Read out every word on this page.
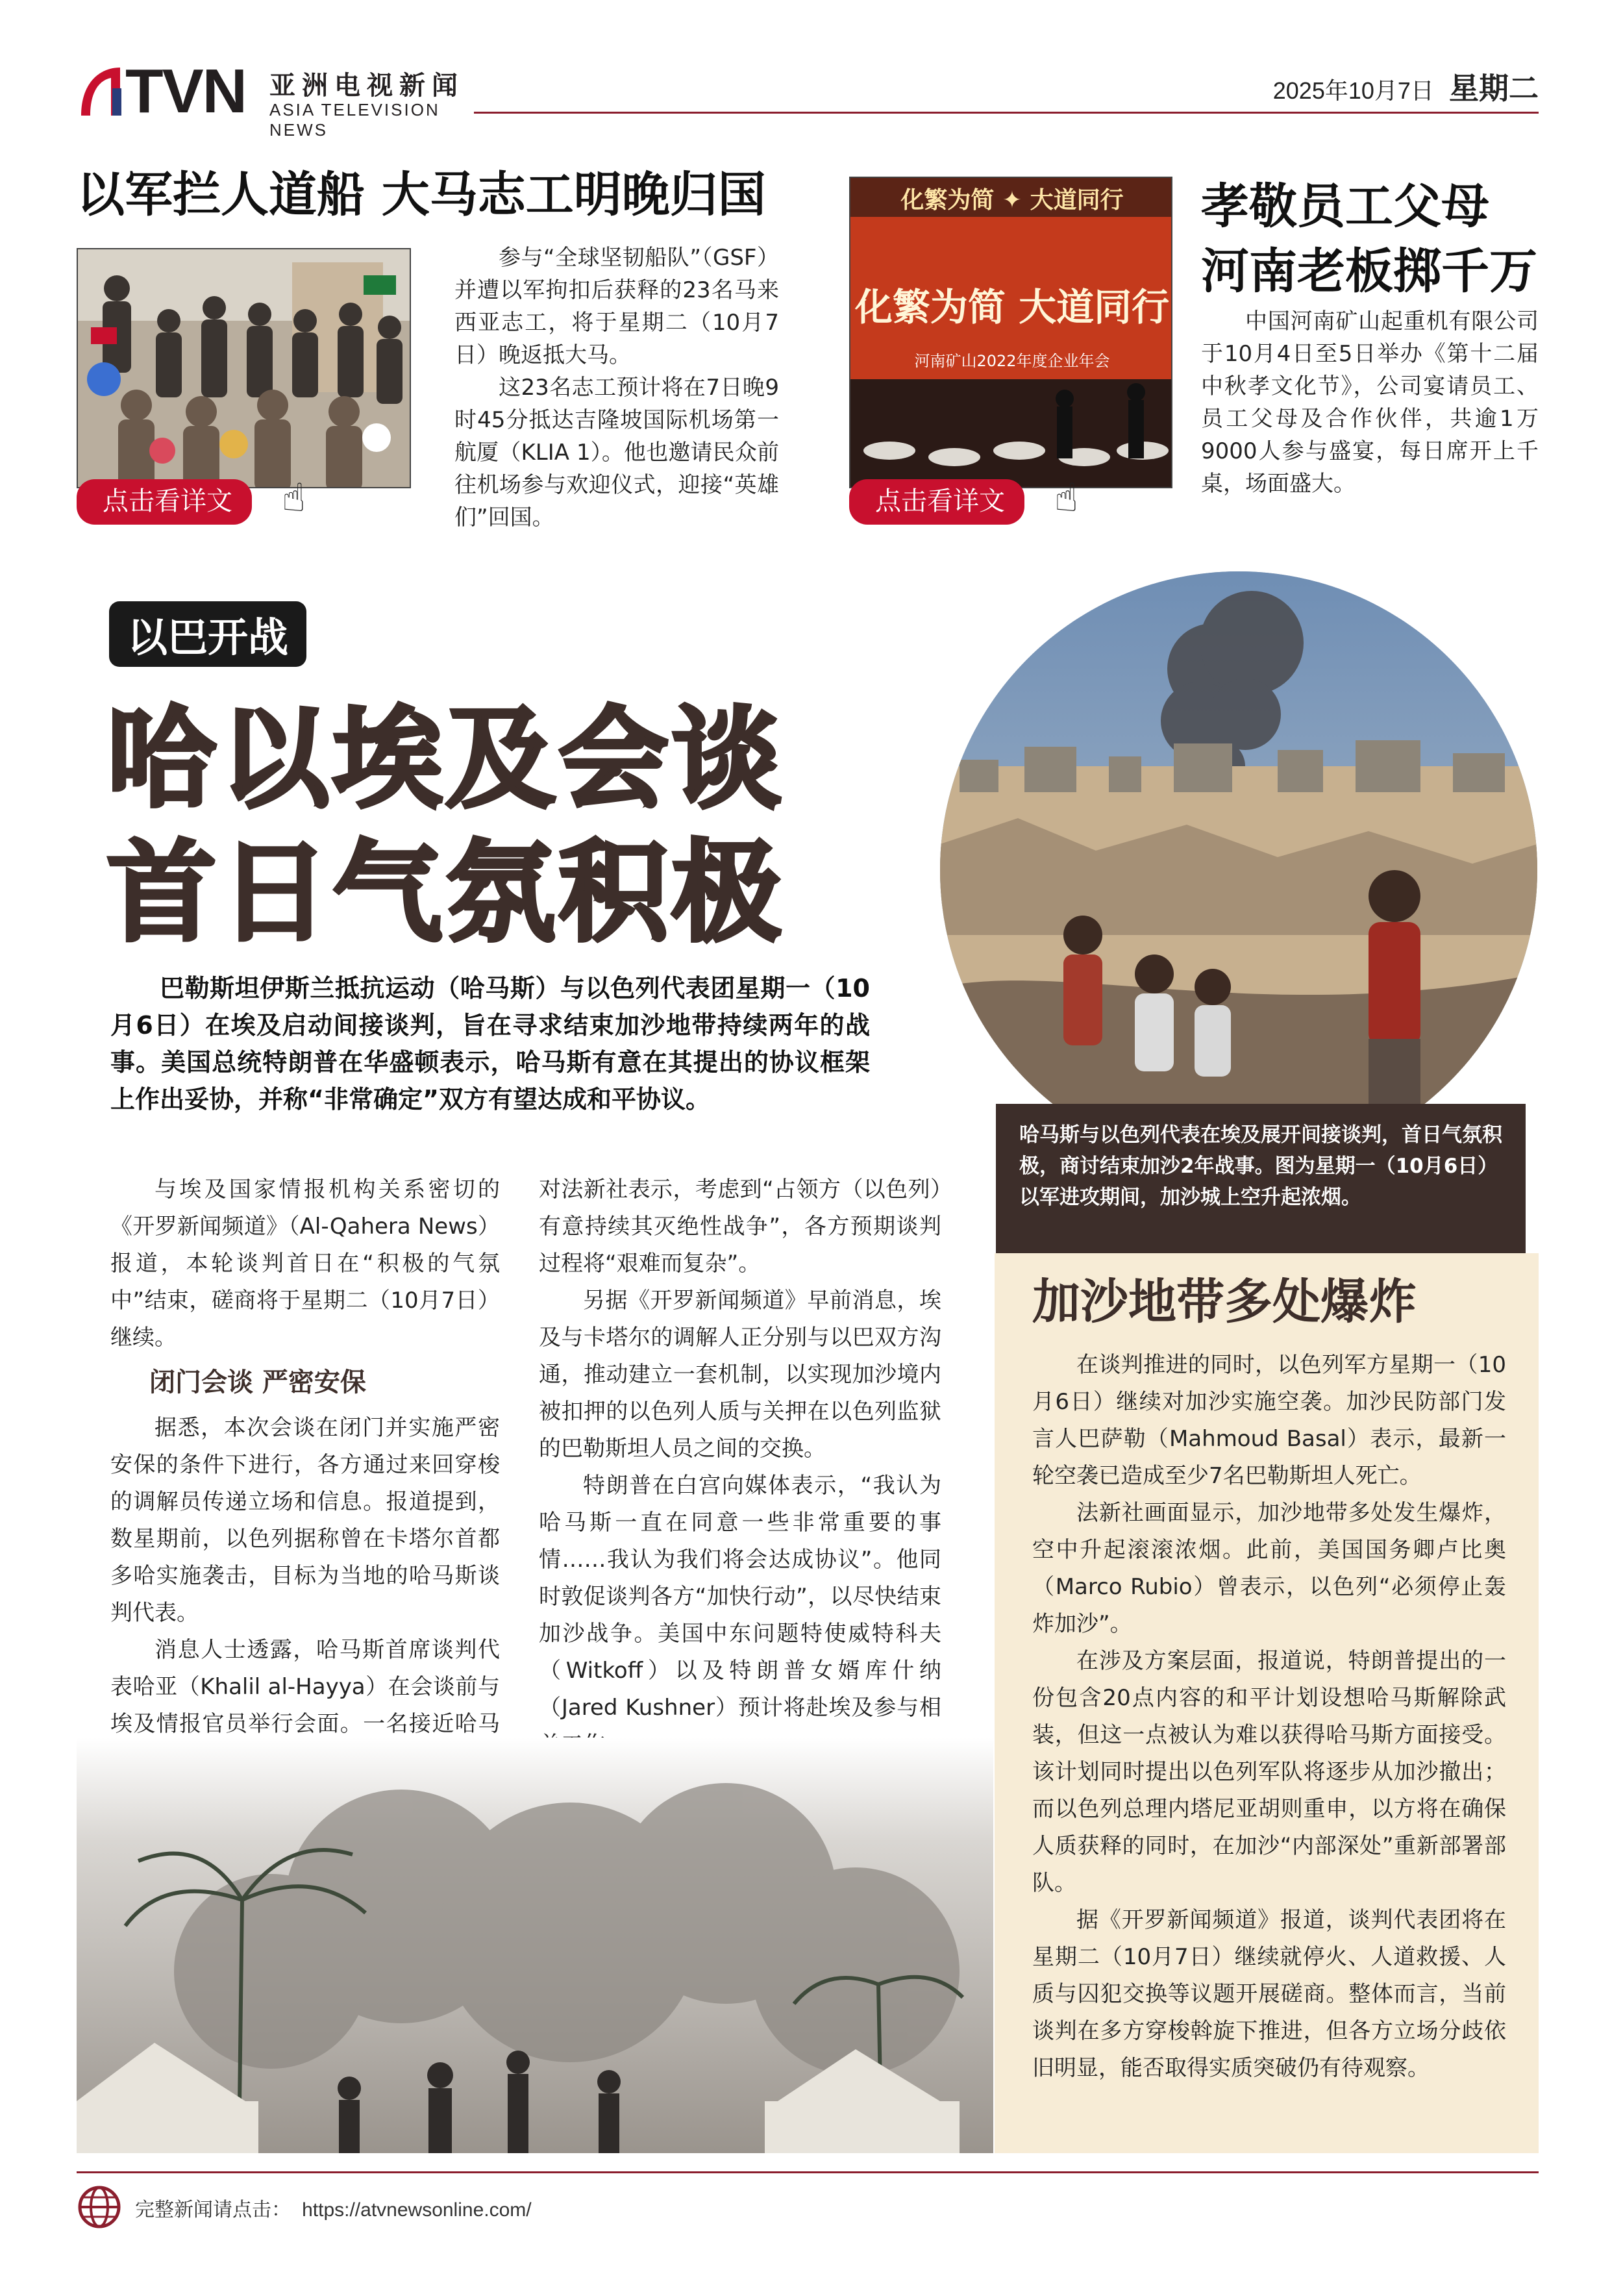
TVN 亚洲电视新闻
ASIA TELEVISION NEWS
2025年10月7日 星期二
以军拦人道船 大马志工明晚归国
点击看详文	☝
参与“全球坚韧船队”（GSF）并遭以军拘扣后获释的23名马来西亚志工，将于星期二（10月7日）晚返抵大马。
这23名志工预计将在7日晚9时45分抵达吉隆坡国际机场第一航厦（KLIA 1）。他也邀请民众前往机场参与欢迎仪式，迎接“英雄们”回国。
化繁为简 ✦ 大道同行
化繁为简 大道同行
河南矿山2022年度企业年会
点击看详文	☝
孝敬员工父母 河南老板掷千万
中国河南矿山起重机有限公司于10月4日至5日举办《第十二届中秋孝文化节》，公司宴请员工、员工父母及合作伙伴，共逾1万9000人参与盛宴，每日席开上千桌，场面盛大。
以巴开战
哈以埃及会谈
首日气氛积极
哈马斯与以色列代表在埃及展开间接谈判，首日气氛积极，商讨结束加沙2年战事。图为星期一（10月6日）以军进攻期间，加沙城上空升起浓烟。
巴勒斯坦伊斯兰抵抗运动（哈马斯）与以色列代表团星期一（10月6日）在埃及启动间接谈判，旨在寻求结束加沙地带持续两年的战事。美国总统特朗普在华盛顿表示，哈马斯有意在其提出的协议框架上作出妥协，并称“非常确定”双方有望达成和平协议。

与埃及国家情报机构关系密切的《开罗新闻频道》（Al-Qahera News）报道，本轮谈判首日在“积极的气氛中”结束，磋商将于星期二（10月7日）继续。

闭门会谈 严密安保

据悉，本次会谈在闭门并实施严密安保的条件下进行，各方通过来回穿梭的调解员传递立场和信息。报道提到，数星期前，以色列据称曾在卡塔尔首都多哈实施袭击，目标为当地的哈马斯谈判代表。

消息人士透露，哈马斯首席谈判代表哈亚（Khalil al-Hayya）在会谈前与埃及情报官员举行会面。一名接近哈马

对法新社表示，考虑到“占领方（以色列）有意持续其灭绝性战争”，各方预期谈判过程将“艰难而复杂”。

另据《开罗新闻频道》早前消息，埃及与卡塔尔的调解人正分别与以巴双方沟通，推动建立一套机制，以实现加沙境内被扣押的以色列人质与关押在以色列监狱的巴勒斯坦人员之间的交换。

特朗普在白宫向媒体表示，“我认为哈马斯一直在同意一些非常重要的事情……我认为我们将会达成协议”。他同时敦促谈判各方“加快行动”，以尽快结束加沙战争。美国中东问题特使威特科夫（Witkoff）以及特朗普女婿库什纳（Jared Kushner）预计将赴埃及参与相

加沙地带多处爆炸

在谈判推进的同时，以色列军方星期一（10月6日）继续对加沙实施空袭。加沙民防部门发言人巴萨勒（Mahmoud Basal）表示，最新一轮空袭已造成至少7名巴勒斯坦人死亡。

法新社画面显示，加沙地带多处发生爆炸，空中升起滚滚浓烟。此前，美国国务卿卢比奥（Marco Rubio）曾表示，以色列“必须停止轰炸加沙”。

在涉及方案层面，报道说，特朗普提出的一份包含20点内容的和平计划设想哈马斯解除武装，但这一点被认为难以获得哈马斯方面接受。该计划同时提出以色列军队将逐步从加沙撤出；而以色列总理内塔尼亚胡则重申，以方将在确保人质获释的同时，在加沙“内部深处”重新部署部队。

据《开罗新闻频道》报道，谈判代表团将在星期二（10月7日）继续就停火、人道救援、人质与囚犯交换等议题开展磋商。整体而言，当前谈判在多方穿梭斡旋下推进，但各方立场分歧依旧明显，能否取得实质突破仍有待观察。

完整新闻请点击： https://atvnewsonline.com/
